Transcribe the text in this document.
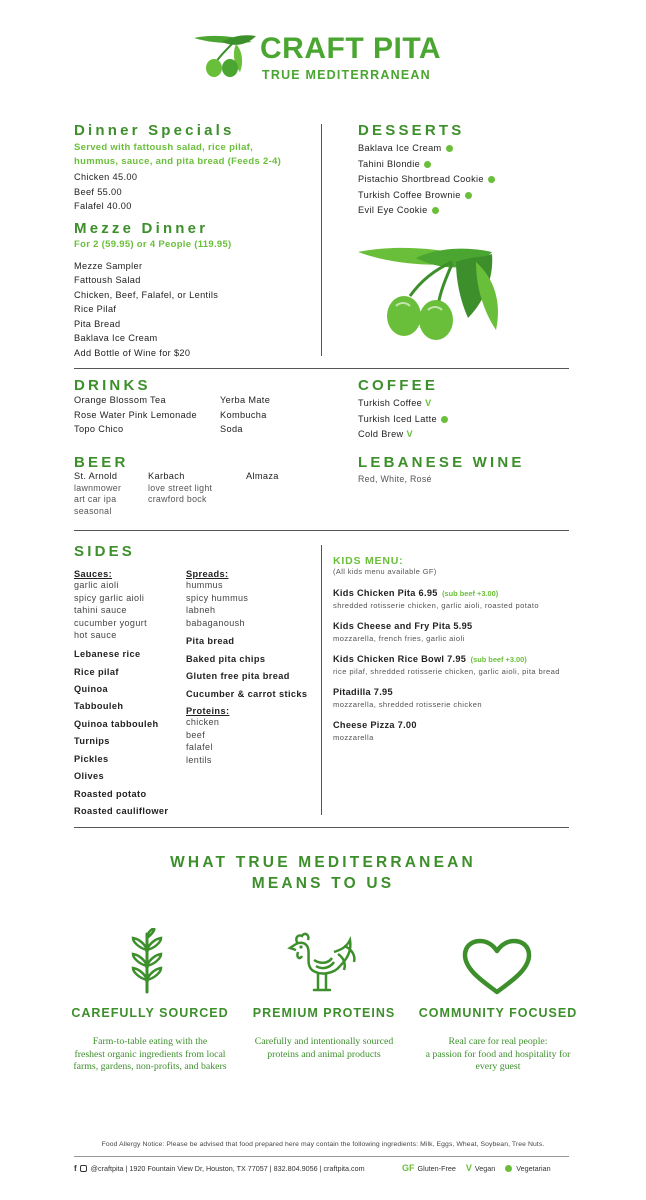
CRAFT PITA
TRUE MEDITERRANEAN
Dinner Specials
Served with fattoush salad, rice pilaf,
hummus, sauce, and pita bread (Feeds 2-4)
Chicken 45.00
Beef 55.00
Falafel 40.00
Mezze Dinner
For 2 (59.95) or 4 People (119.95)
Mezze Sampler
Fattoush Salad
Chicken, Beef, Falafel, or Lentils
Rice Pilaf
Pita Bread
Baklava Ice Cream
Add Bottle of Wine for $20
DESSERTS
Baklava Ice Cream
Tahini Blondie
Pistachio Shortbread Cookie
Turkish Coffee Brownie
Evil Eye Cookie
DRINKS
Orange Blossom Tea
Rose Water Pink Lemonade
Topo Chico
Yerba Mate
Kombucha
Soda
COFFEE
Turkish Coffee V
Turkish Iced Latte
Cold Brew V
BEER
St. Arnold
lawnmower
art car ipa
seasonal
Karbach
love street light
crawford bock
Almaza
LEBANESE WINE
Red, White, Rosé
SIDES
Sauces:
garlic aioli
spicy garlic aioli
tahini sauce
cucumber yogurt
hot sauce
Lebanese rice
Rice pilaf
Quinoa
Tabbouleh
Quinoa tabbouleh
Turnips
Pickles
Olives
Roasted potato
Roasted cauliflower
Spreads:
hummus
spicy hummus
labneh
babaganoush
Pita bread
Baked pita chips
Gluten free pita bread
Cucumber & carrot sticks
Proteins:
chicken
beef
falafel
lentils
KIDS MENU:
(All kids menu available GF)
Kids Chicken Pita 6.95 (sub beef +3.00)
shredded rotisserie chicken, garlic aioli, roasted potato
Kids Cheese and Fry Pita 5.95
mozzarella, french fries, garlic aioli
Kids Chicken Rice Bowl 7.95 (sub beef +3.00)
rice pilaf, shredded rotisserie chicken, garlic aioli, pita bread
Pitadilla 7.95
mozzarella, shredded rotisserie chicken
Cheese Pizza 7.00
mozzarella
WHAT TRUE MEDITERRANEAN
MEANS TO US
CAREFULLY SOURCED	PREMIUM PROTEINS	COMMUNITY FOCUSED
Farm-to-table eating with the
freshest organic ingredients from local
farms, gardens, non-profits, and bakers
Carefully and intentionally sourced
proteins and animal products
Real care for real people:
a passion for food and hospitality for
every guest
Food Allergy Notice: Please be advised that food prepared here may contain the following ingredients: Milk, Eggs, Wheat, Soybean, Tree Nuts.
f @craftpita | 1920 Fountain View Dr, Houston, TX 77057 | 832.804.9056 | craftpita.com	GF Gluten-Free V Vegan	Vegetarian
